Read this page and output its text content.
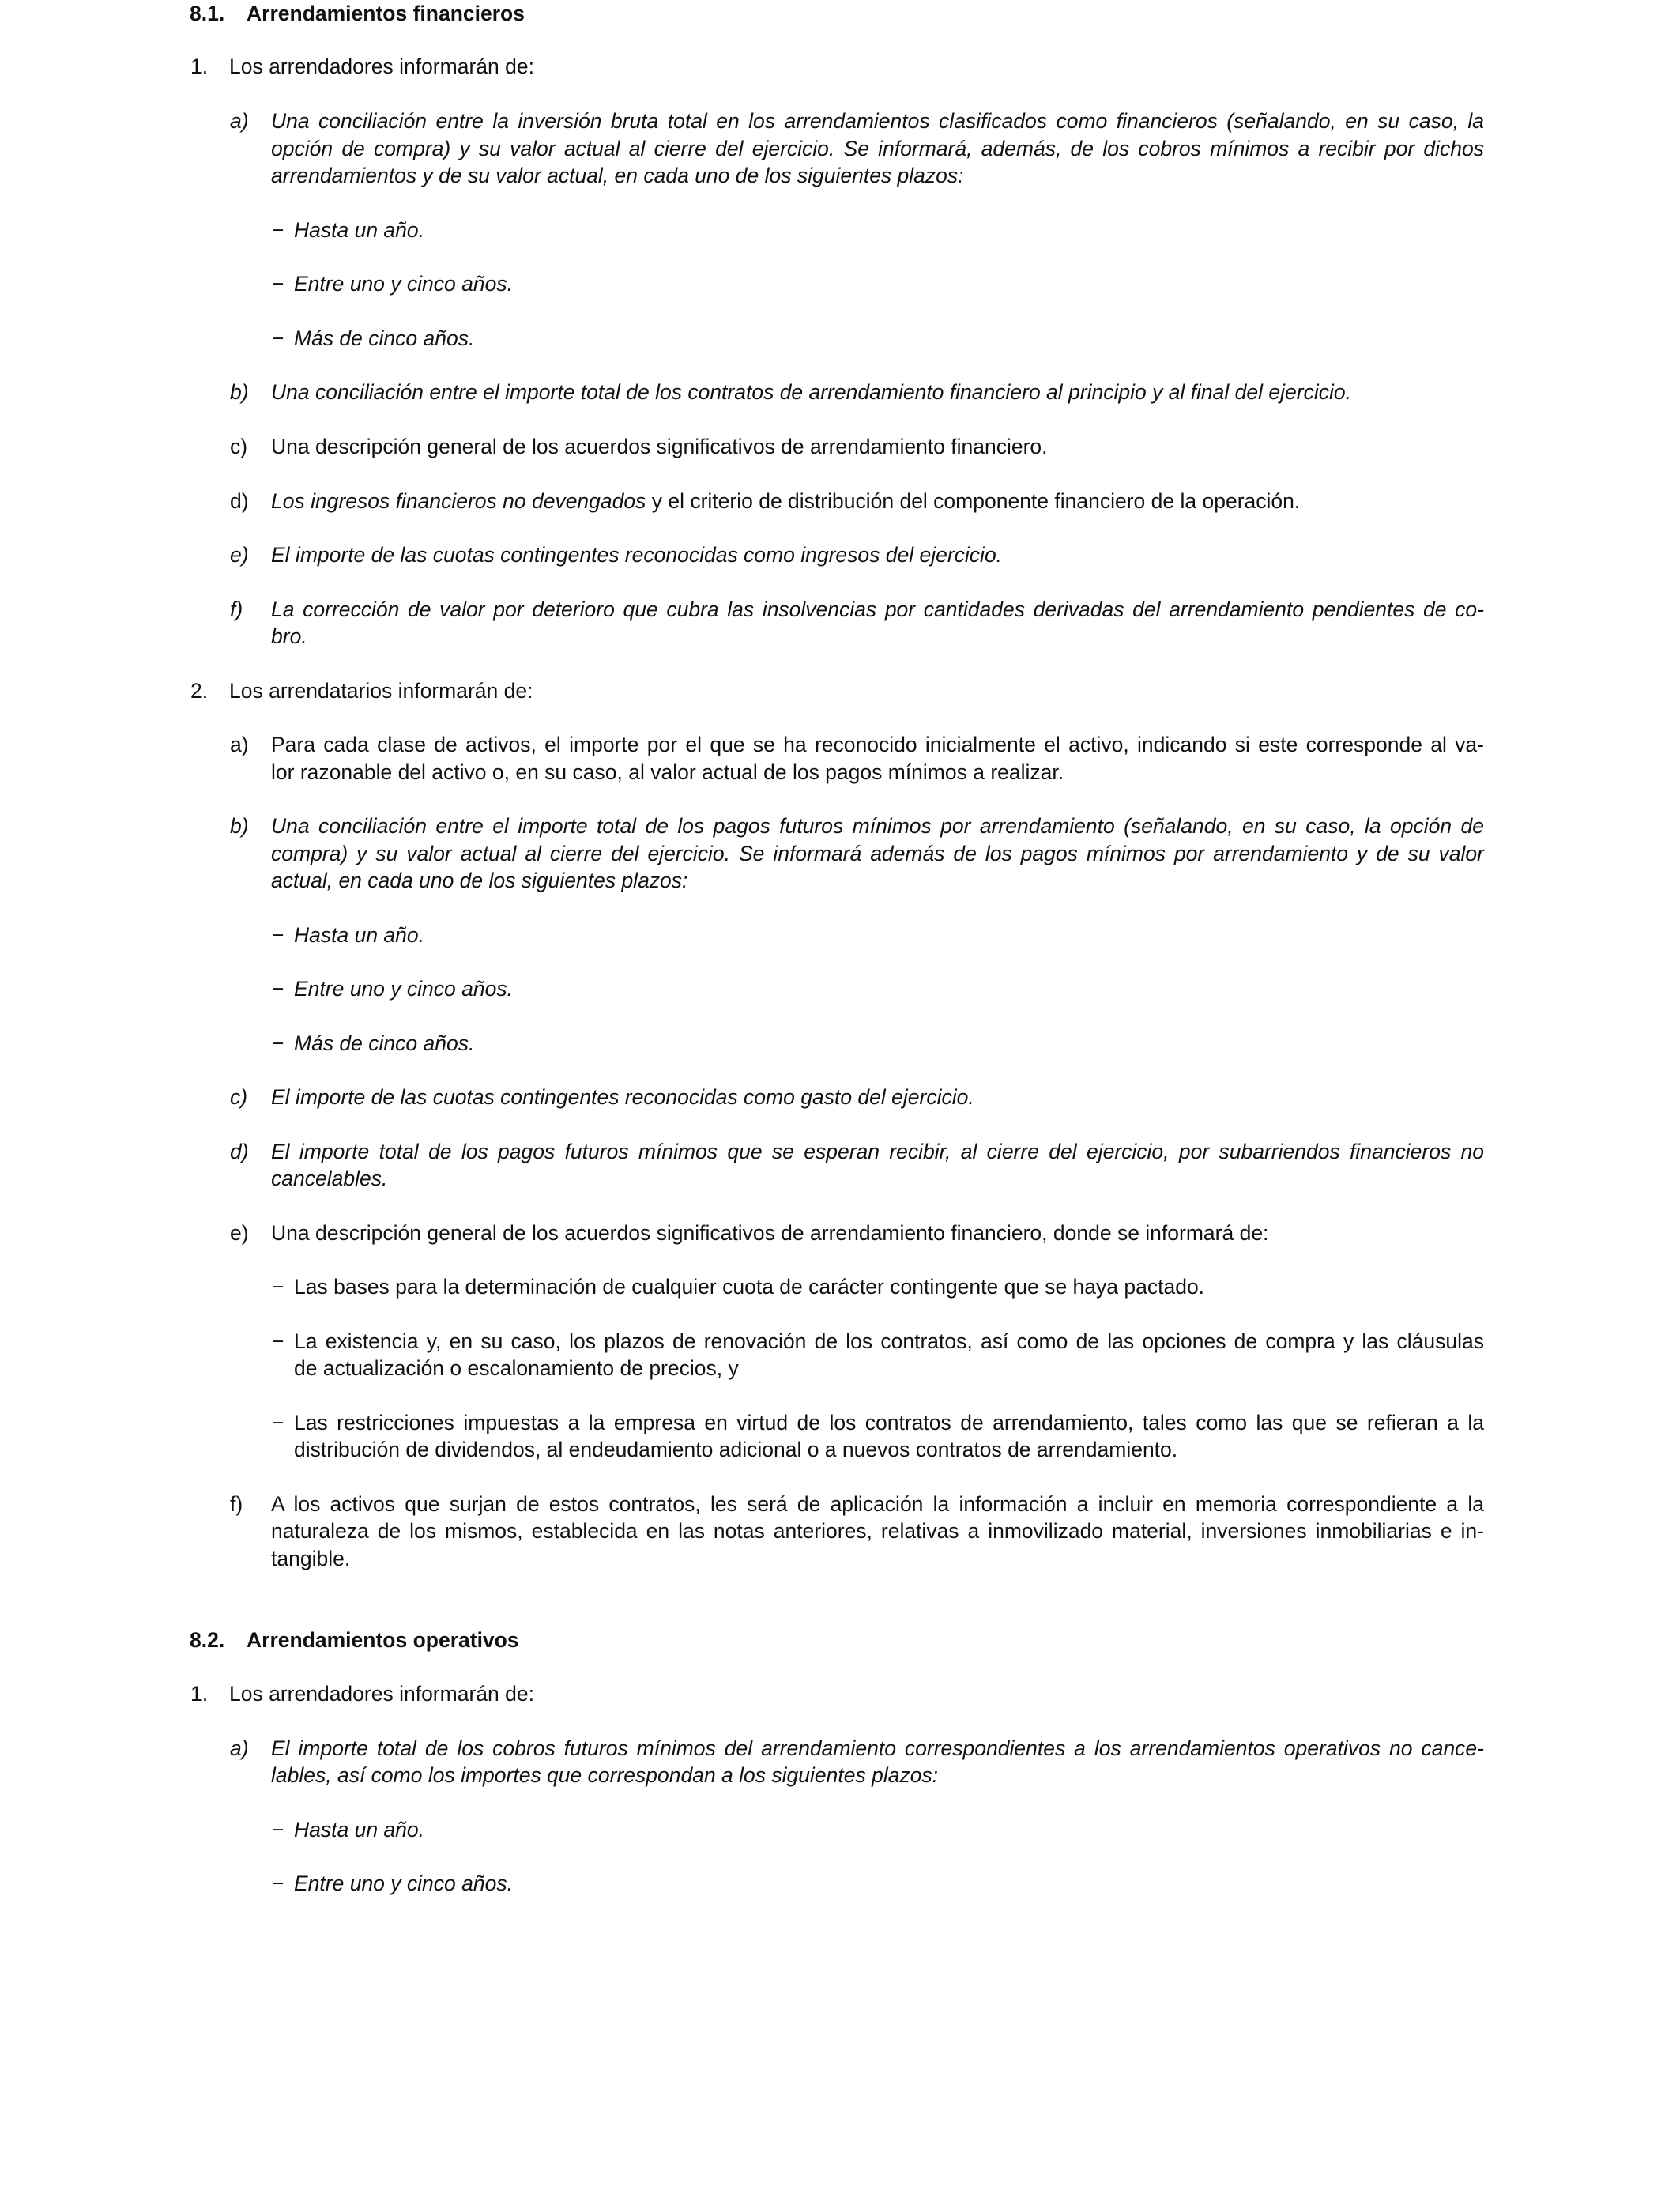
8.1. Arrendamientos financieros
1. Los arrendadores informarán de:
a) Una conciliación entre la inversión bruta total en los arrendamientos clasificados como financieros (señalando, en su caso, la
opción de compra) y su valor actual al cierre del ejercicio. Se informará, además, de los cobros mínimos a recibir por dichos
arrendamientos y de su valor actual, en cada uno de los siguientes plazos:
− Hasta un año.
− Entre uno y cinco años.
− Más de cinco años.
b) Una conciliación entre el importe total de los contratos de arrendamiento financiero al principio y al final del ejercicio.
c) Una descripción general de los acuerdos significativos de arrendamiento financiero.
d) Los ingresos financieros no devengados y el criterio de distribución del componente financiero de la operación.
e) El importe de las cuotas contingentes reconocidas como ingresos del ejercicio.
f) La corrección de valor por deterioro que cubra las insolvencias por cantidades derivadas del arrendamiento pendientes de co-
bro.
2. Los arrendatarios informarán de:
a) Para cada clase de activos, el importe por el que se ha reconocido inicialmente el activo, indicando si este corresponde al va-
lor razonable del activo o, en su caso, al valor actual de los pagos mínimos a realizar.
b) Una conciliación entre el importe total de los pagos futuros mínimos por arrendamiento (señalando, en su caso, la opción de
compra) y su valor actual al cierre del ejercicio. Se informará además de los pagos mínimos por arrendamiento y de su valor
actual, en cada uno de los siguientes plazos:
− Hasta un año.
− Entre uno y cinco años.
− Más de cinco años.
c) El importe de las cuotas contingentes reconocidas como gasto del ejercicio.
d) El importe total de los pagos futuros mínimos que se esperan recibir, al cierre del ejercicio, por subarriendos financieros no
cancelables.
e) Una descripción general de los acuerdos significativos de arrendamiento financiero, donde se informará de:
− Las bases para la determinación de cualquier cuota de carácter contingente que se haya pactado.
− La existencia y, en su caso, los plazos de renovación de los contratos, así como de las opciones de compra y las cláusulas
de actualización o escalonamiento de precios, y
− Las restricciones impuestas a la empresa en virtud de los contratos de arrendamiento, tales como las que se refieran a la
distribución de dividendos, al endeudamiento adicional o a nuevos contratos de arrendamiento.
f) A los activos que surjan de estos contratos, les será de aplicación la información a incluir en memoria correspondiente a la
naturaleza de los mismos, establecida en las notas anteriores, relativas a inmovilizado material, inversiones inmobiliarias e in-
tangible.
8.2. Arrendamientos operativos
1. Los arrendadores informarán de:
a) El importe total de los cobros futuros mínimos del arrendamiento correspondientes a los arrendamientos operativos no cance-
lables, así como los importes que correspondan a los siguientes plazos:
− Hasta un año.
− Entre uno y cinco años.
